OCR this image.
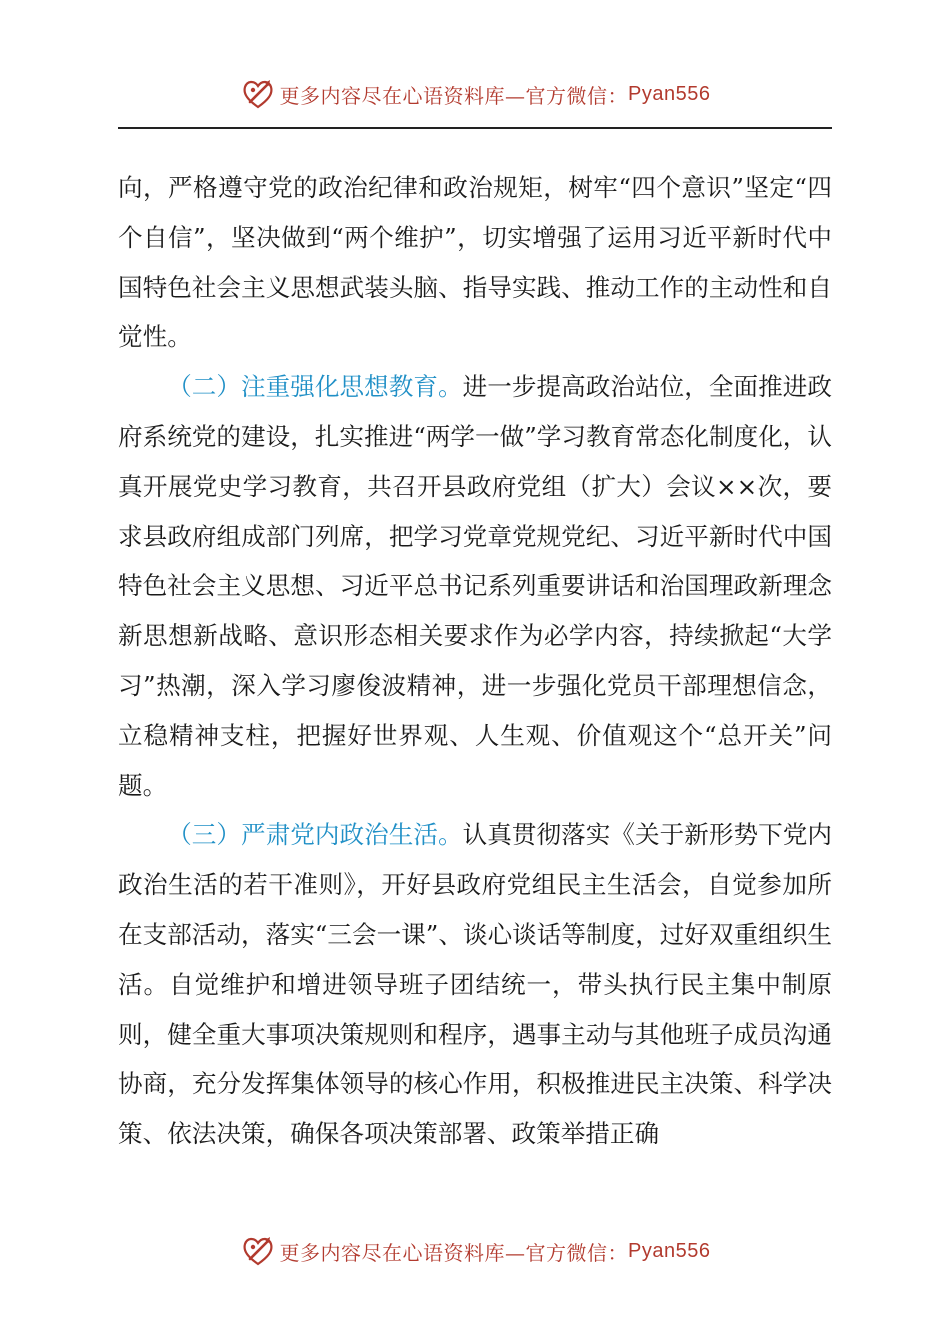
更多内容尽在心语资料库—官方微信： Pyan556

向，严格遵守党的政治纪律和政治规矩，树牢“四个意识”坚定“四个自信”，坚决做到“两个维护”，切实增强了运用习近平新时代中国特色社会主义思想武装头脑、指导实践、推动工作的主动性和自觉性。

（二）注重强化思想教育。进一步提高政治站位，全面推进政府系统党的建设，扎实推进“两学一做”学习教育常态化制度化，认真开展党史学习教育，共召开县政府党组（扩大）会议××次，要求县政府组成部门列席，把学习党章党规党纪、习近平新时代中国特色社会主义思想、习近平总书记系列重要讲话和治国理政新理念新思想新战略、意识形态相关要求作为必学内容，持续掀起“大学习”热潮，深入学习廖俊波精神，进一步强化党员干部理想信念，立稳精神支柱，把握好世界观、人生观、价值观这个“总开关”问题。

（三）严肃党内政治生活。认真贯彻落实《关于新形势下党内政治生活的若干准则》，开好县政府党组民主生活会，自觉参加所在支部活动，落实“三会一课”、谈心谈话等制度，过好双重组织生活。自觉维护和增进领导班子团结统一，带头执行民主集中制原则，健全重大事项决策规则和程序，遇事主动与其他班子成员沟通协商，充分发挥集体领导的核心作用，积极推进民主决策、科学决策、依法决策，确保各项决策部署、政策举措正确

更多内容尽在心语资料库—官方微信： Pyan556
